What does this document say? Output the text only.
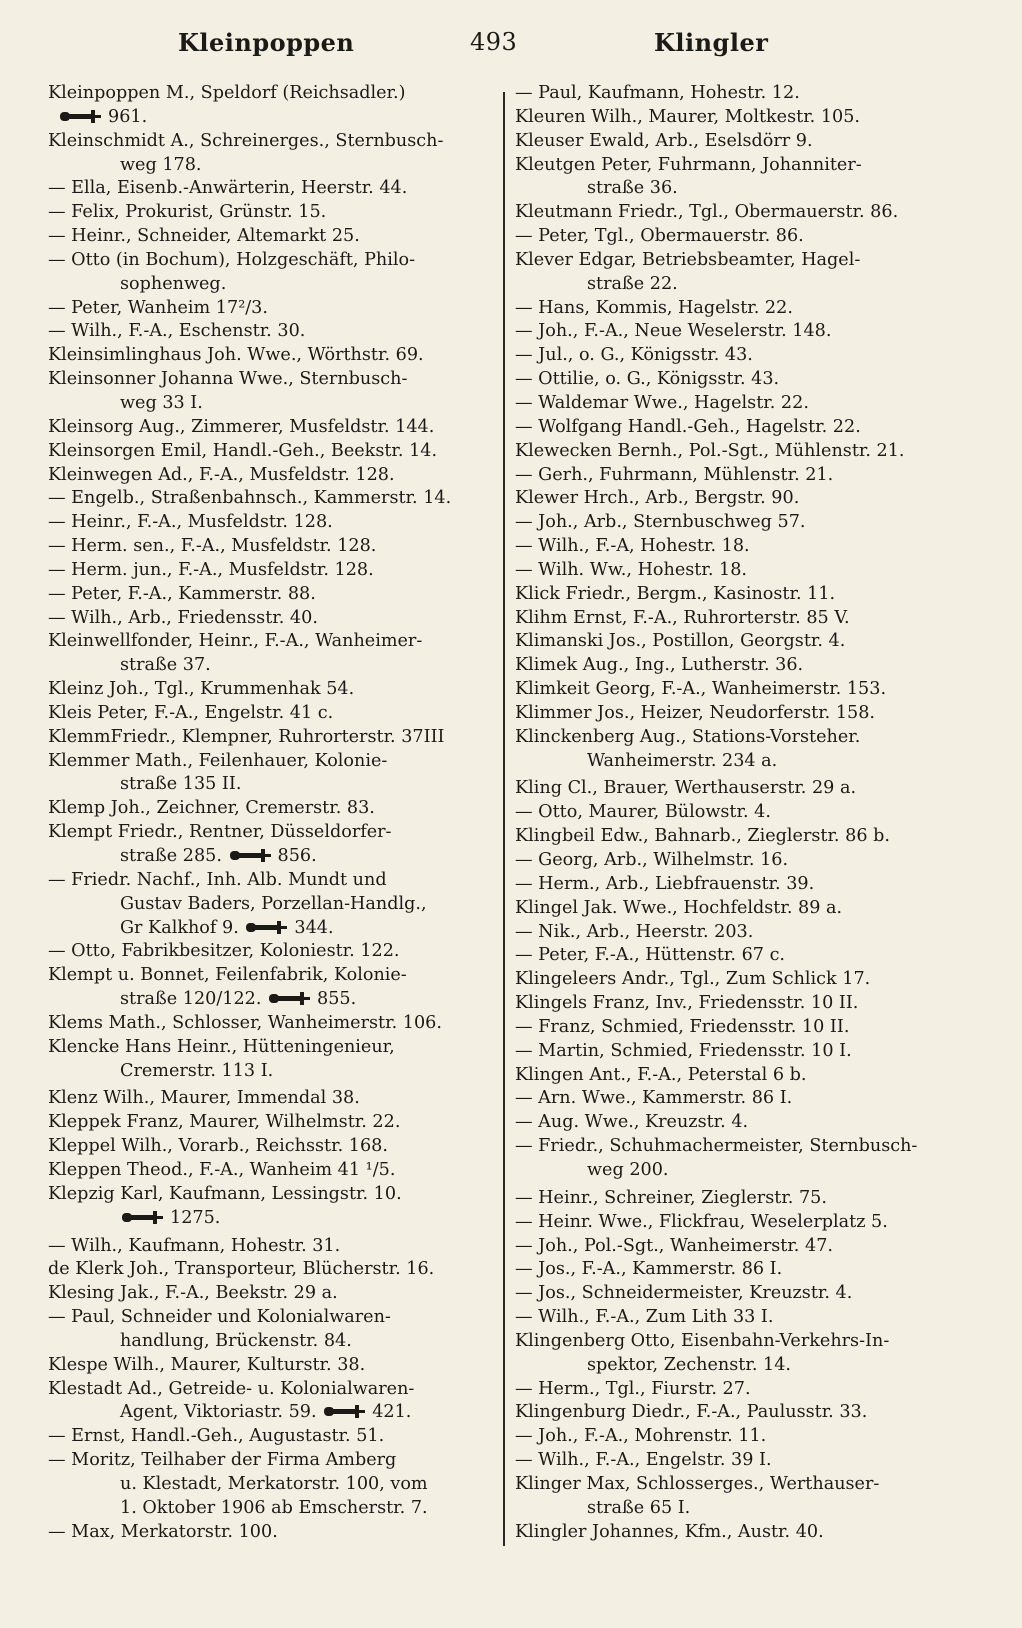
Kleinpoppen	493	Klingler

Kleinpoppen M., Speldorf (Reichsadler.)

961.

Kleinschmidt A., Schreinerges., Sternbusch-

weg 178.

— Ella, Eisenb.-Anwärterin, Heerstr. 44.

— Felix, Prokurist, Grünstr. 15.

— Heinr., Schneider, Altemarkt 25.

— Otto (in Bochum), Holzgeschäft, Philo-

sophenweg.

— Peter, Wanheim 17²/3.

— Wilh., F.-A., Eschenstr. 30.

Kleinsimlinghaus Joh. Wwe., Wörthstr. 69.

Kleinsonner Johanna Wwe., Sternbusch-

weg 33 I.

Kleinsorg Aug., Zimmerer, Musfeldstr. 144.

Kleinsorgen Emil, Handl.-Geh., Beekstr. 14.

Kleinwegen Ad., F.-A., Musfeldstr. 128.

— Engelb., Straßenbahnsch., Kammerstr. 14.

— Heinr., F.-A., Musfeldstr. 128.

— Herm. sen., F.-A., Musfeldstr. 128.

— Herm. jun., F.-A., Musfeldstr. 128.

— Peter, F.-A., Kammerstr. 88.

— Wilh., Arb., Friedensstr. 40.

Kleinwellfonder, Heinr., F.-A., Wanheimer-

straße 37.

Kleinz Joh., Tgl., Krummenhak 54.

Kleis Peter, F.-A., Engelstr. 41 c.

KlemmFriedr., Klempner, Ruhrorterstr. 37III

Klemmer Math., Feilenhauer, Kolonie-

straße 135 II.

Klemp Joh., Zeichner, Cremerstr. 83.

Klempt Friedr., Rentner, Düsseldorfer-

straße 285.	856.

— Friedr. Nachf., Inh. Alb. Mundt und

Gustav Baders, Porzellan-Handlg.,

Gr Kalkhof 9.	344.

— Otto, Fabrikbesitzer, Koloniestr. 122.

Klempt u. Bonnet, Feilenfabrik, Kolonie-

straße 120/122.	855.

Klems Math., Schlosser, Wanheimerstr. 106.

Klencke Hans Heinr., Hütteningenieur,

Cremerstr. 113 I.

Klenz Wilh., Maurer, Immendal 38.

Kleppek Franz, Maurer, Wilhelmstr. 22.

Kleppel Wilh., Vorarb., Reichsstr. 168.

Kleppen Theod., F.-A., Wanheim 41 ¹/5.

Klepzig Karl, Kaufmann, Lessingstr. 10.

1275.

— Wilh., Kaufmann, Hohestr. 31.

de Klerk Joh., Transporteur, Blücherstr. 16.

Klesing Jak., F.-A., Beekstr. 29 a.

— Paul, Schneider und Kolonialwaren-

handlung, Brückenstr. 84.

Klespe Wilh., Maurer, Kulturstr. 38.

Klestadt Ad., Getreide- u. Kolonialwaren-

Agent, Viktoriastr. 59.	421.

— Ernst, Handl.-Geh., Augustastr. 51.

— Moritz, Teilhaber der Firma Amberg

u. Klestadt, Merkatorstr. 100, vom

1. Oktober 1906 ab Emscherstr. 7.

— Max, Merkatorstr. 100.

— Paul, Kaufmann, Hohestr. 12.

Kleuren Wilh., Maurer, Moltkestr. 105.

Kleuser Ewald, Arb., Eselsdörr 9.

Kleutgen Peter, Fuhrmann, Johanniter-

straße 36.

Kleutmann Friedr., Tgl., Obermauerstr. 86.

— Peter, Tgl., Obermauerstr. 86.

Klever Edgar, Betriebsbeamter, Hagel-

straße 22.

— Hans, Kommis, Hagelstr. 22.

— Joh., F.-A., Neue Weselerstr. 148.

— Jul., o. G., Königsstr. 43.

— Ottilie, o. G., Königsstr. 43.

— Waldemar Wwe., Hagelstr. 22.

— Wolfgang Handl.-Geh., Hagelstr. 22.

Klewecken Bernh., Pol.-Sgt., Mühlenstr. 21.

— Gerh., Fuhrmann, Mühlenstr. 21.

Klewer Hrch., Arb., Bergstr. 90.

— Joh., Arb., Sternbuschweg 57.

— Wilh., F.-A, Hohestr. 18.

— Wilh. Ww., Hohestr. 18.

Klick Friedr., Bergm., Kasinostr. 11.

Klihm Ernst, F.-A., Ruhrorterstr. 85 V.

Klimanski Jos., Postillon, Georgstr. 4.

Klimek Aug., Ing., Lutherstr. 36.

Klimkeit Georg, F.-A., Wanheimerstr. 153.

Klimmer Jos., Heizer, Neudorferstr. 158.

Klinckenberg Aug., Stations-Vorsteher.

Wanheimerstr. 234 a.

Kling Cl., Brauer, Werthauserstr. 29 a.

— Otto, Maurer, Bülowstr. 4.

Klingbeil Edw., Bahnarb., Zieglerstr. 86 b.

— Georg, Arb., Wilhelmstr. 16.

— Herm., Arb., Liebfrauenstr. 39.

Klingel Jak. Wwe., Hochfeldstr. 89 a.

— Nik., Arb., Heerstr. 203.

— Peter, F.-A., Hüttenstr. 67 c.

Klingeleers Andr., Tgl., Zum Schlick 17.

Klingels Franz, Inv., Friedensstr. 10 II.

— Franz, Schmied, Friedensstr. 10 II.

— Martin, Schmied, Friedensstr. 10 I.

Klingen Ant., F.-A., Peterstal 6 b.

— Arn. Wwe., Kammerstr. 86 I.

— Aug. Wwe., Kreuzstr. 4.

— Friedr., Schuhmachermeister, Sternbusch-

weg 200.

— Heinr., Schreiner, Zieglerstr. 75.

— Heinr. Wwe., Flickfrau, Weselerplatz 5.

— Joh., Pol.-Sgt., Wanheimerstr. 47.

— Jos., F.-A., Kammerstr. 86 I.

— Jos., Schneidermeister, Kreuzstr. 4.

— Wilh., F.-A., Zum Lith 33 I.

Klingenberg Otto, Eisenbahn-Verkehrs-In-

spektor, Zechenstr. 14.

— Herm., Tgl., Fiurstr. 27.

Klingenburg Diedr., F.-A., Paulusstr. 33.

— Joh., F.-A., Mohrenstr. 11.

— Wilh., F.-A., Engelstr. 39 I.

Klinger Max, Schlosserges., Werthauser-

straße 65 I.

Klingler Johannes, Kfm., Austr. 40.
